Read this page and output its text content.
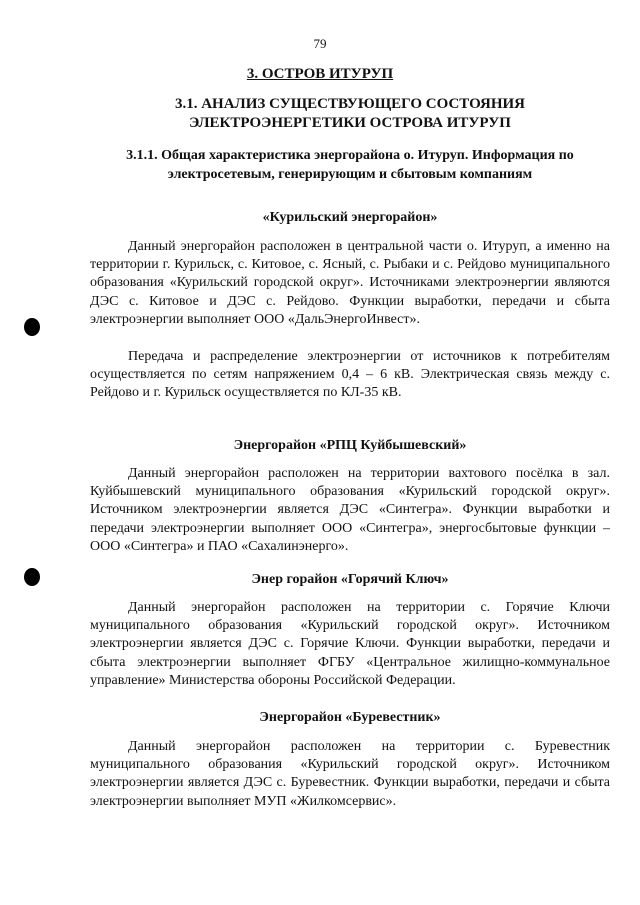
79
3. ОСТРОВ ИТУРУП
3.1. АНАЛИЗ СУЩЕСТВУЮЩЕГО СОСТОЯНИЯ ЭЛЕКТРОЭНЕРГЕТИКИ ОСТРОВА ИТУРУП
3.1.1. Общая характеристика энергорайона о. Итуруп. Информация по электросетевым, генерирующим и сбытовым компаниям
«Курильский энергорайон»

Данный энергорайон расположен в центральной части о. Итуруп, а именно на территории г. Курильск, с. Китовое, с. Ясный, с. Рыбаки и с. Рейдово муниципального образования «Курильский городской округ». Источниками электроэнергии являются ДЭС с. Китовое и ДЭС с. Рейдово. Функции выработки, передачи и сбыта электроэнергии выполняет ООО «ДальЭнергоИнвест».

Передача и распределение электроэнергии от источников к потребителям осуществляется по сетям напряжением 0,4 – 6 кВ. Электрическая связь между с. Рейдово и г. Курильск осуществляется по КЛ-35 кВ.

Энергорайон «РПЦ Куйбышевский»

Данный энергорайон расположен на территории вахтового посёлка в зал. Куйбышевский муниципального образования «Курильский городской округ». Источником электроэнергии является ДЭС «Синтегра». Функции выработки и передачи электроэнергии выполняет ООО «Синтегра», энергосбытовые функции – ООО «Синтегра» и ПАО «Сахалинэнерго».

Энер горайон «Горячий Ключ»

Данный энергорайон расположен на территории с. Горячие Ключи муниципального образования «Курильский городской округ». Источником электроэнергии является ДЭС с. Горячие Ключи. Функции выработки, передачи и сбыта электроэнергии выполняет ФГБУ «Центральное жилищно-коммунальное управление» Министерства обороны Российской Федерации.

Энергорайон «Буревестник»

Данный энергорайон расположен на территории с. Буревестник муниципального образования «Курильский городской округ». Источником электроэнергии является ДЭС с. Буревестник. Функции выработки, передачи и сбыта электроэнергии выполняет МУП «Жилкомсервис».
